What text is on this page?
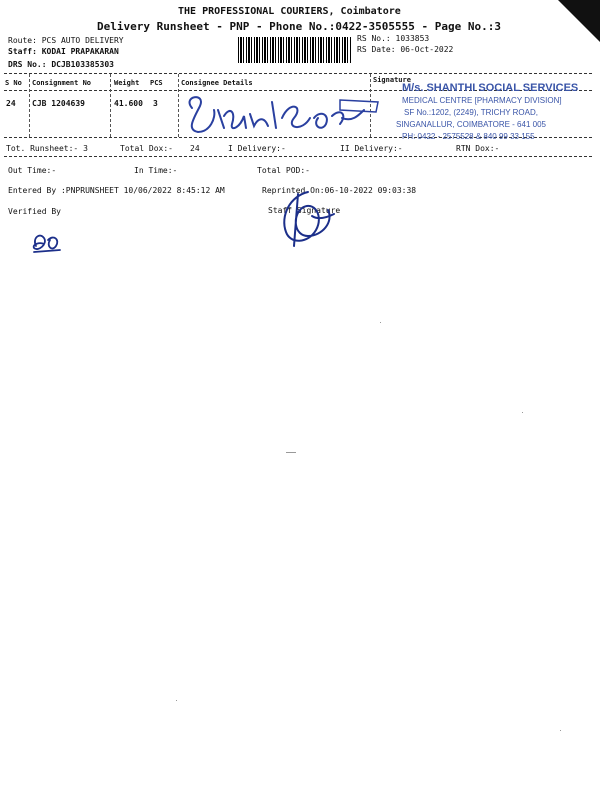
THE PROFESSIONAL COURIERS, Coimbatore
Delivery Runsheet - PNP - Phone No.:0422-3505555 - Page No.:3
Route: PCS AUTO DELIVERY
Staff: KODAI PRAPAKARAN
DRS No.: DCJB103385303
RS No.: 1033853
RS Date: 06-Oct-2022
S No Consignment No	Weight PCS	Consignee Details	Signature
24 CJB 1204639	41.600 3
M/s. SHANTHI SOCIAL SERVICES
MEDICAL CENTRE [PHARMACY DIVISION]
SF No.:1202, (2249), TRICHY ROAD,
SINGANALLUR, COIMBATORE - 641 005
PH: 0422 - 2575528 & 840 99 33 155
Tot. Runsheet:- 3	Total Dox:- 24	I Delivery:-	II Delivery:-	RTN Dox:-
Out Time:-	In Time:-	Total POD:-
Entered By :PNPRUNSHEET 10/06/2022 8:45:12 AM	Reprinted On:06-10-2022 09:03:38
Verified By	Staff Signature
